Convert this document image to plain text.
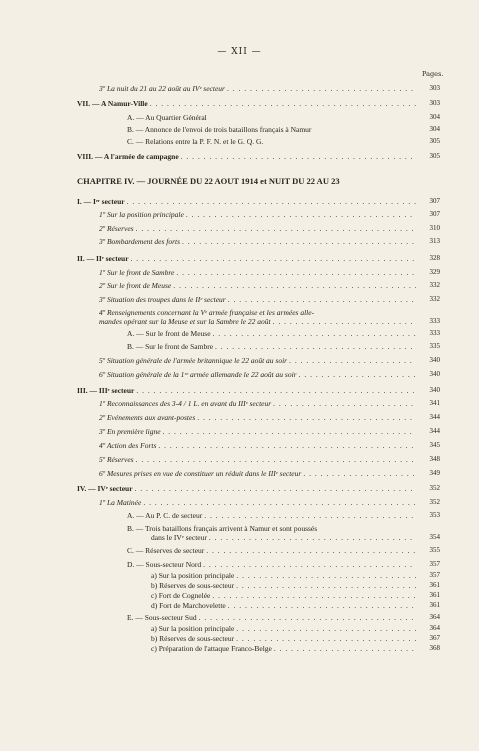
— XII —
Pages.
CHAPITRE IV. — JOURNÉE DU 22 AOUT 1914 et NUIT DU 22 AU 23
3º La nuit du 21 au 22 août au IVᵉ secteur . . .	303
VII. — A Namur-Ville . . .	303
A. — Au Quartier Général	304
B. — Annonce de l'envoi de trois bataillons français à Namur	304
C. — Relations entre la P. F. N. et le G. Q. G.	305
VIII. — A l'armée de campagne . . .	305
I. — Iᵉʳ secteur . . .	307
1º Sur la position principale . . .	307
2º Réserves . . .	310
3º Bombardement des forts . . .	313
II. — IIᵉ secteur . . .	328
1º Sur le front de Sambre . . .	329
2º Sur le front de Meuse . . .	332
3º Situation des troupes dans le IIᵉ secteur . . .	332
4º Renseignements concernant la Vᵉ armée française et les armées alle-
mandes opérant sur la Meuse et sur la Sambre le 22 août . . .	333
A. — Sur le front de Meuse . . .	333
B. — Sur le front de Sambre . . .	335
5º Situation générale de l'armée britannique le 22 août au soir . . .	340
6º Situation générale de la 1ʳᵉ armée allemande le 22 août au soir . . .	340
III. — IIIᵉ secteur . . .	340
1º Reconnaissances des 3-4 / 1 L. en avant du IIIᵉ secteur . . .	341
2º Evénements aux avant-postes . . .	344
3º En première ligne . . .	344
4º Action des Forts . . .	345
5º Réserves . . .	348
6º Mesures prises en vue de constituer un réduit dans le IIIᵉ secteur . . .	349
IV. — IVᵉ secteur . . .	352
1º La Matinée . . .	352
A. — Au P. C. de secteur . . .	353
B. — Trois bataillons français arrivent à Namur et sont poussés
dans le IVᵉ secteur . . .	354
C. — Réserves de secteur . . .	355
D. — Sous-secteur Nord . . .	357
a) Sur la position principale . . .	357
b) Réserves de sous-secteur . . .	361
c) Fort de Cognelée . . .	361
d) Fort de Marchovelette . . .	361
E. — Sous-secteur Sud . . .	364
a) Sur la position principale . . .	364
b) Réserves de sous-secteur . . .	367
c) Préparation de l'attaque Franco-Belge . . .	368
